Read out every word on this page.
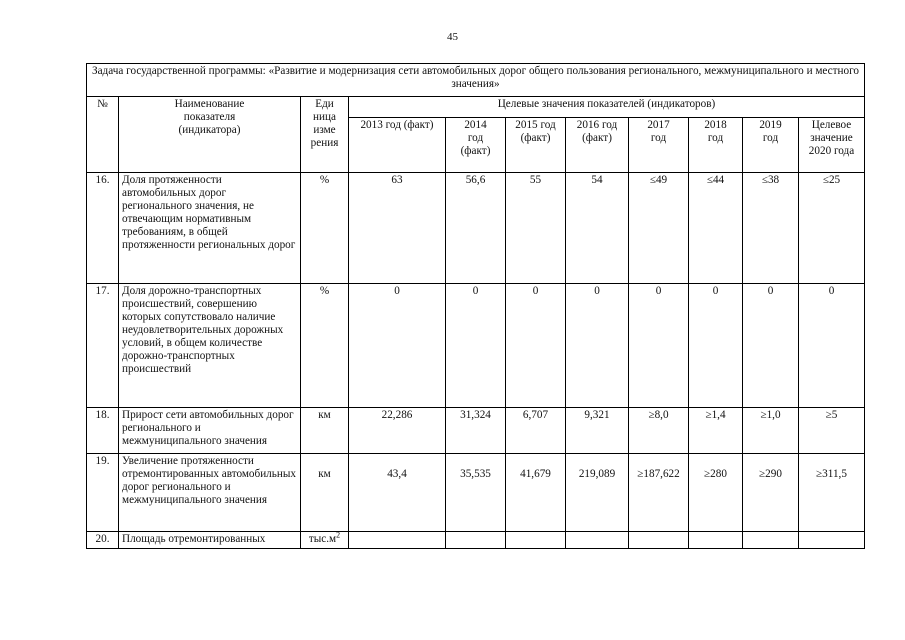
45
Задача государственной программы: «Развитие и модернизация сети автомобильных дорог общего пользования регионального, межмуниципального и местного значения»										
№	Наименование
показателя
(индикатора)	Еди
ница
изме
рения	Целевые значения показателей (индикаторов)							
			2013 год (факт)	2014
год
(факт)	2015 год
(факт)	2016 год
(факт)	2017
год	2018
год	2019
год	Целевое
значение
2020 года
16.	Доля протяженности автомобильных дорог регионального значения, не отвечающим нормативным требованиям, в общей протяженности региональных дорог	%	63	56,6	55	54	≤49	≤44	≤38	≤25
17.	Доля дорожно-транспортных происшествий, совершению которых сопутствовало наличие неудовлетворительных дорожных условий, в общем количестве дорожно-транспортных происшествий	%	0	0	0	0	0	0	0	0
18.	Прирост сети автомобильных дорог регионального и межмуниципального значения	км	22,286	31,324	6,707	9,321	≥8,0	≥1,4	≥1,0	≥5
19.	Увеличение протяженности отремонтированных автомобильных дорог регионального и межмуниципального значения	км	43,4	35,535	41,679	219,089	≥187,622	≥280	≥290	≥311,5
20.	Площадь отремонтированных	$тыс.м^2$								
